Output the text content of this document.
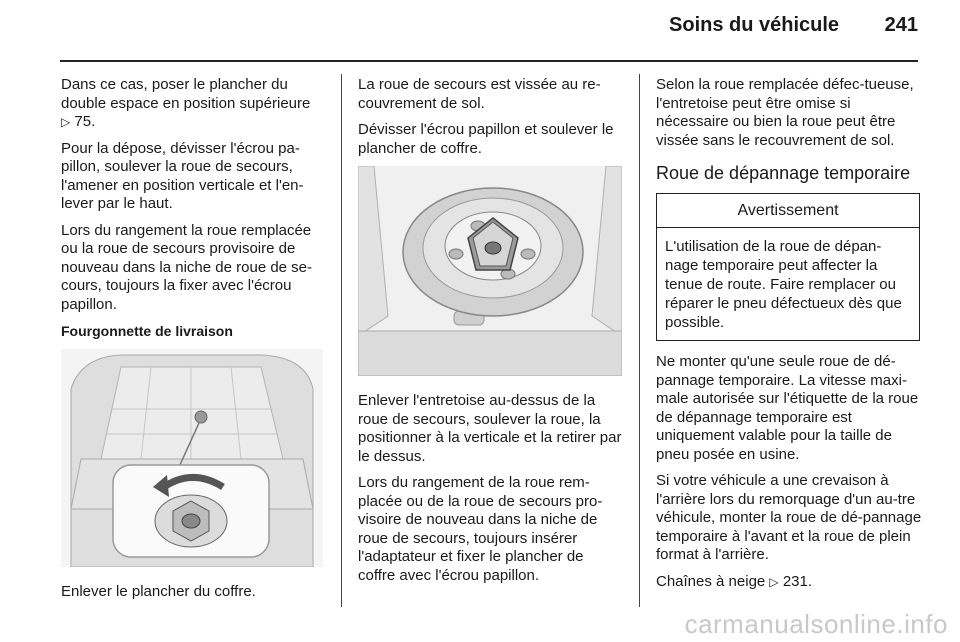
Soins du véhicule 241

Dans ce cas, poser le plancher du double espace en position supérieure
▷ 75.

Pour la dépose, dévisser l'écrou pa-pillon, soulever la roue de secours, l'amener en position verticale et l'en-lever par le haut.

Lors du rangement la roue remplacée ou la roue de secours provisoire de nouveau dans la niche de roue de se-cours, toujours la fixer avec l'écrou papillon.

Fourgonnette de livraison

Enlever le plancher du coffre.

La roue de secours est vissée au re-couvrement de sol.

Dévisser l'écrou papillon et soulever le plancher de coffre.

Enlever l'entretoise au-dessus de la roue de secours, soulever la roue, la positionner à la verticale et la retirer par le dessus.

Lors du rangement de la roue rem-placée ou de la roue de secours pro-visoire de nouveau dans la niche de roue de secours, toujours insérer l'adaptateur et fixer le plancher de coffre avec l'écrou papillon.

Selon la roue remplacée défec-tueuse, l'entretoise peut être omise si nécessaire ou bien la roue peut être vissée sans le recouvrement de sol.

Roue de dépannage temporaire
Avertissement
L'utilisation de la roue de dépan-nage temporaire peut affecter la tenue de route. Faire remplacer ou réparer le pneu défectueux dès que possible.

Ne monter qu'une seule roue de dé-pannage temporaire. La vitesse maxi-male autorisée sur l'étiquette de la roue de dépannage temporaire est uniquement valable pour la taille de pneu posée en usine.

Si votre véhicule a une crevaison à l'arrière lors du remorquage d'un au-tre véhicule, monter la roue de dé-pannage temporaire à l'avant et la roue de plein format à l'arrière.

Chaînes à neige ▷ 231.

carmanualsonline.info
